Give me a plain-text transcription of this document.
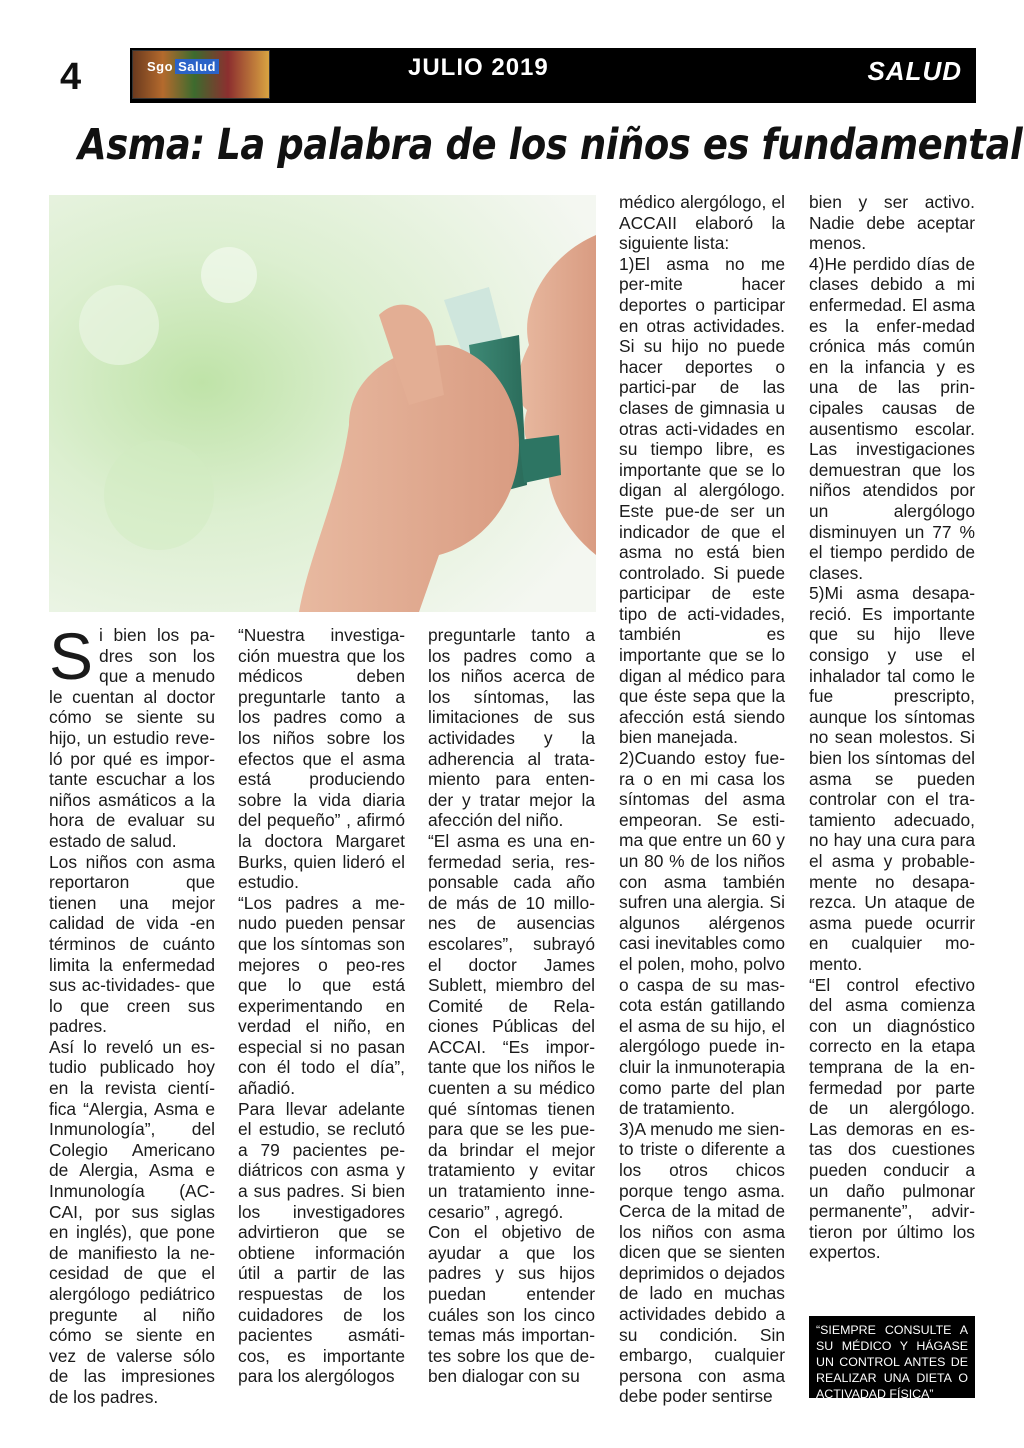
4	Sgo Salud	JULIO 2019	SALUD
Asma: La palabra de los niños es fundamental
S i bien los pa-dres son los que a menudo le cuentan al doctor cómo se siente su hijo, un estudio reve-ló por qué es impor-tante escuchar a los niños asmáticos a la hora de evaluar su estado de salud.

Los niños con asma reportaron que tienen una mejor calidad de vida -en términos de cuánto limita la enfermedad sus ac-tividades- que lo que creen sus padres.

Así lo reveló un es-tudio publicado hoy en la revista cientí-fica “Alergia, Asma e Inmunología”, del Colegio Americano de Alergia, Asma e Inmunología (AC-CAI, por sus siglas en inglés), que pone de manifiesto la ne-cesidad de que el alergólogo pediátrico pregunte al niño cómo se siente en vez de valerse sólo de las impresiones de los padres.

“Nuestra investiga-ción muestra que los médicos deben preguntarle tanto a los padres como a los niños sobre los efectos que el asma está produciendo sobre la vida diaria del pequeño” , afirmó la doctora Margaret Burks, quien lideró el estudio.

“Los padres a me-nudo pueden pensar que los síntomas son mejores o peo-res que lo que está experimentando en verdad el niño, en especial si no pasan con él todo el día”, añadió.

Para llevar adelante el estudio, se reclutó a 79 pacientes pe-diátricos con asma y a sus padres. Si bien los investigadores advirtieron que se obtiene información útil a partir de las respuestas de los cuidadores de los pacientes asmáti-cos, es importante para los alergólogos

preguntarle tanto a los padres como a los niños acerca de los síntomas, las limitaciones de sus actividades y la adherencia al trata-miento para enten-der y tratar mejor la afección del niño.

“El asma es una en-fermedad seria, res-ponsable cada año de más de 10 millo-nes de ausencias escolares”, subrayó el doctor James Sublett, miembro del Comité de Rela-ciones Públicas del ACCAI. “Es impor-tante que los niños le cuenten a su médico qué síntomas tienen para que se les pue-da brindar el mejor tratamiento y evitar un tratamiento inne-cesario” , agregó.

Con el objetivo de ayudar a que los padres y sus hijos puedan entender cuáles son los cinco temas más importan-tes sobre los que de-ben dialogar con su

médico alergólogo, el ACCAII elaboró la siguiente lista:

1)El asma no me per-mite hacer deportes o participar en otras actividades. Si su hijo no puede hacer deportes o partici-par de las clases de gimnasia u otras acti-vidades en su tiempo libre, es importante que se lo digan al alergólogo. Este pue-de ser un indicador de que el asma no está bien controlado. Si puede participar de este tipo de acti-vidades, también es importante que se lo digan al médico para que éste sepa que la afección está siendo bien manejada.

2)Cuando estoy fue-ra o en mi casa los síntomas del asma empeoran. Se esti-ma que entre un 60 y un 80 % de los niños con asma también sufren una alergia. Si algunos alérgenos casi inevitables como el polen, moho, polvo o caspa de su mas-cota están gatillando el asma de su hijo, el alergólogo puede in-cluir la inmunoterapia como parte del plan de tratamiento.

3)A menudo me sien-to triste o diferente a los otros chicos porque tengo asma. Cerca de la mitad de los niños con asma dicen que se sienten deprimidos o dejados de lado en muchas actividades debido a su condición. Sin embargo, cualquier persona con asma debe poder sentirse

bien y ser activo. Nadie debe aceptar menos.

4)He perdido días de clases debido a mi enfermedad. El asma es la enfer-medad crónica más común en la infancia y es una de las prin-cipales causas de ausentismo escolar. Las investigaciones demuestran que los niños atendidos por un alergólogo disminuyen un 77 % el tiempo perdido de clases.

5)Mi asma desapa-reció. Es importante que su hijo lleve consigo y use el inhalador tal como le fue prescripto, aunque los síntomas no sean molestos. Si bien los síntomas del asma se pueden controlar con el tra-tamiento adecuado, no hay una cura para el asma y probable-mente no desapa-rezca. Un ataque de asma puede ocurrir en cualquier mo-mento.

“El control efectivo del asma comienza con un diagnóstico correcto en la etapa temprana de la en-fermedad por parte de un alergólogo. Las demoras en es-tas dos cuestiones pueden conducir a un daño pulmonar permanente”, advir-tieron por último los expertos.

“SIEMPRE CONSULTE A SU MÉDICO Y HÁGASE UN CONTROL ANTES DE REALIZAR UNA DIETA O ACTIVADAD FÍSICA”
